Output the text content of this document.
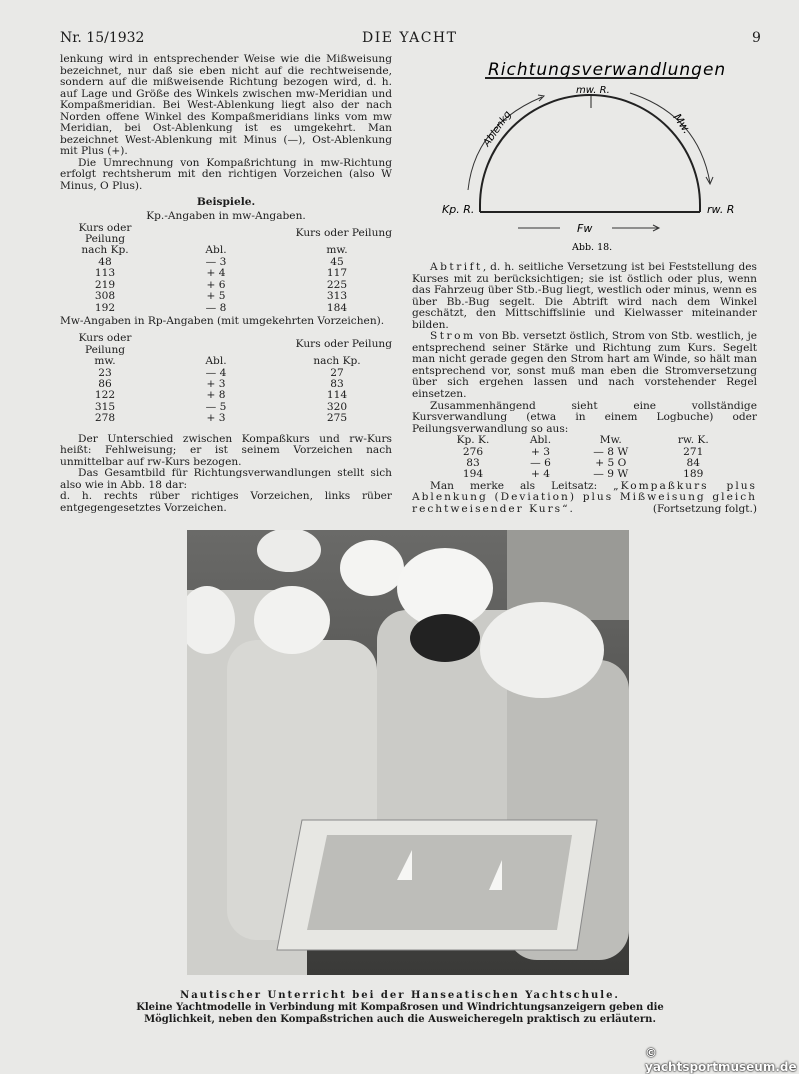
Nr. 15/1932	DIE YACHT	9

lenkung wird in entsprechender Weise wie die Mißweisung bezeichnet, nur daß sie eben nicht auf die rechtweisende, sondern auf die mißweisende Richtung bezogen wird, d. h. auf Lage und Größe des Winkels zwischen mw-Meridian und Kompaßmeridian. Bei West-Ablenkung liegt also der nach Norden offene Winkel des Kompaßmeridians links vom mw Meridian, bei Ost-Ablenkung ist es umgekehrt. Man bezeichnet West-Ablenkung mit Minus (—), Ost-Ablenkung mit Plus (+).

Die Umrechnung von Kompaßrichtung in mw-Richtung erfolgt rechtsherum mit den richtigen Vorzeichen (also W Minus, O Plus).

Beispiele.

Kp.-Angaben in mw-Angaben.

Kurs oder Peilung		Kurs oder Peilung
nach Kp.	Abl.	mw.
48	— 3	45
113	+ 4	117
219	+ 6	225
308	+ 5	313
192	— 8	184

Mw-Angaben in Rp-Angaben (mit umgekehrten Vorzeichen).

Kurs oder Peilung		Kurs oder Peilung
mw.	Abl.	nach Kp.
23	— 4	27
86	+ 3	83
122	+ 8	114
315	— 5	320
278	+ 3	275

Der Unterschied zwischen Kompaßkurs und rw-Kurs heißt: Fehlweisung; er ist seinem Vorzeichen nach unmittelbar auf rw-Kurs bezogen.

Das Gesamtbild für Richtungsverwandlungen stellt sich also wie in Abb. 18 dar:

d. h. rechts rüber richtiges Vorzeichen, links rüber entgegengesetztes Vorzeichen.

Richtungsverwandlungen
mw. R.
Kp. R.	rw. R
Ablenkg	Mw.
Fw
Abb. 18.

Abtrift, d. h. seitliche Versetzung ist bei Feststellung des Kurses mit zu berücksichtigen; sie ist östlich oder plus, wenn das Fahrzeug über Stb.-Bug liegt, westlich oder minus, wenn es über Bb.-Bug segelt. Die Abtrift wird nach dem Winkel geschätzt, den Mittschiffslinie und Kielwasser miteinander bilden.

Strom von Bb. versetzt östlich, Strom von Stb. westlich, je entsprechend seiner Stärke und Richtung zum Kurs. Segelt man nicht gerade gegen den Strom hart am Winde, so hält man entsprechend vor, sonst muß man eben die Stromversetzung über sich ergehen lassen und nach vorstehender Regel einsetzen.

Zusammenhängend sieht eine vollständige Kursverwandlung (etwa in einem Logbuche) oder Peilungsverwandlung so aus:

Kp. K.	Abl.	Mw.	rw. K.
276	+ 3	— 8 W	271
83	— 6	+ 5 O	84
194	+ 4	— 9 W	189

Man merke als Leitsatz: „Kompaßkurs plus Ablenkung (Deviation) plus Mißweisung gleich rechtweisender Kurs“.	(Fortsetzung folgt.)

Nautischer Unterricht bei der Hanseatischen Yachtschule.
Kleine Yachtmodelle in Verbindung mit Kompaßrosen und Windrichtungsanzeigern geben die Möglichkeit, neben den Kompaßstrichen auch die Ausweicheregeln praktisch zu erläutern.
© yachtsportmuseum.de
